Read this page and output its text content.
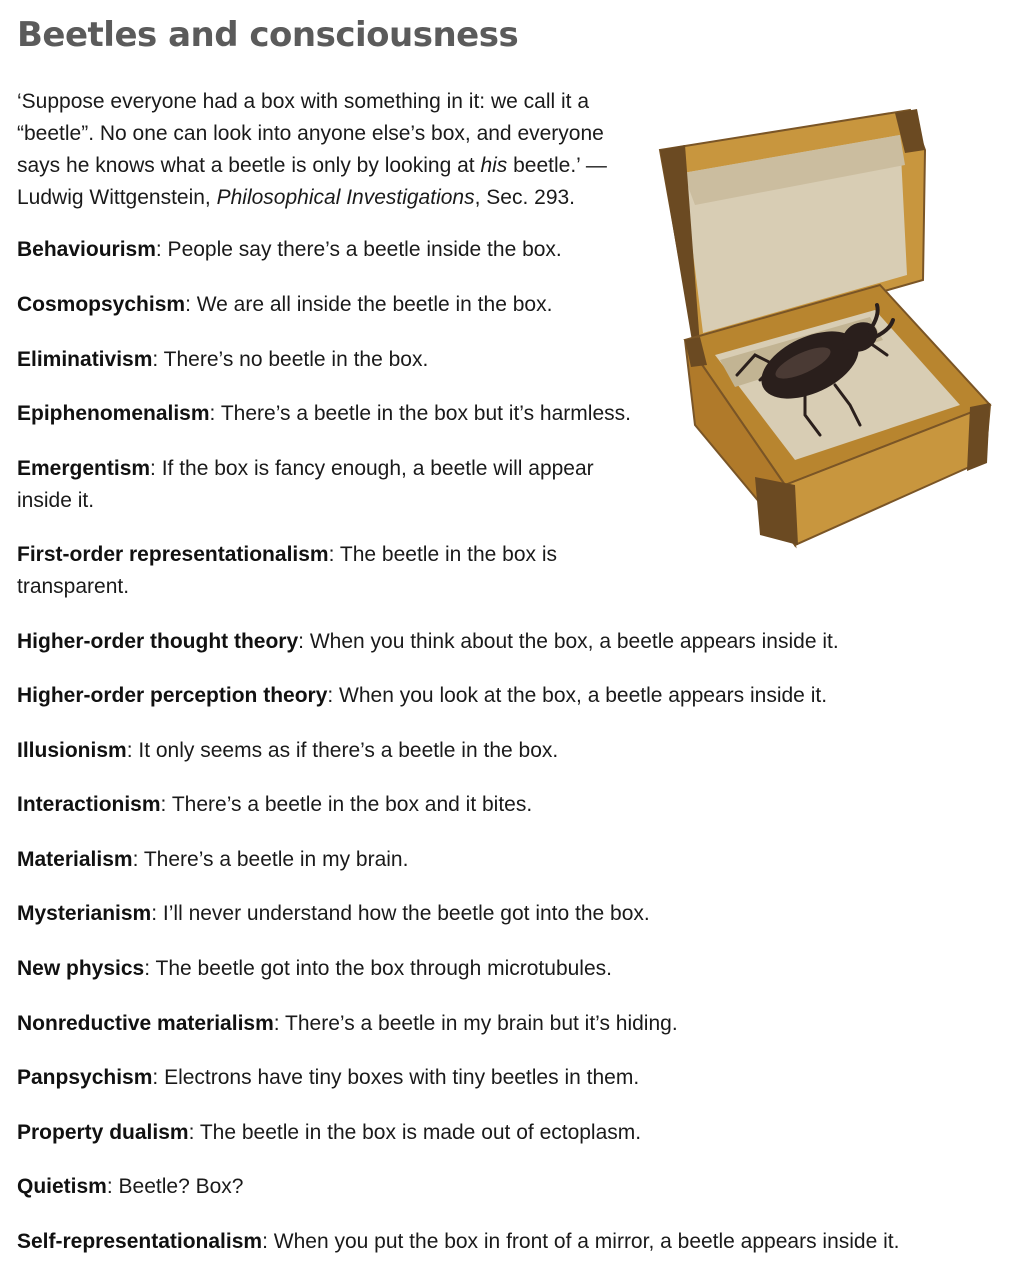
Beetles and consciousness

‘Suppose everyone had a box with something in it: we call it a “beetle”. No one can look into anyone else’s box, and everyone says he knows what a beetle is only by looking at his beetle.’ — Ludwig Wittgenstein, Philosophical Investigations, Sec. 293.

Behaviourism: People say there’s a beetle inside the box.

Cosmopsychism: We are all inside the beetle in the box.

Eliminativism: There’s no beetle in the box.

Epiphenomenalism: There’s a beetle in the box but it’s harmless.

Emergentism: If the box is fancy enough, a beetle will appear inside it.

First-order representationalism: The beetle in the box is transparent.

Higher-order thought theory: When you think about the box, a beetle appears inside it.

Higher-order perception theory: When you look at the box, a beetle appears inside it.

Illusionism: It only seems as if there’s a beetle in the box.

Interactionism: There’s a beetle in the box and it bites.

Materialism: There’s a beetle in my brain.

Mysterianism: I’ll never understand how the beetle got into the box.

New physics: The beetle got into the box through microtubules.

Nonreductive materialism: There’s a beetle in my brain but it’s hiding.

Panpsychism: Electrons have tiny boxes with tiny beetles in them.

Property dualism: The beetle in the box is made out of ectoplasm.

Quietism: Beetle? Box?

Self-representationalism: When you put the box in front of a mirror, a beetle appears inside it.
